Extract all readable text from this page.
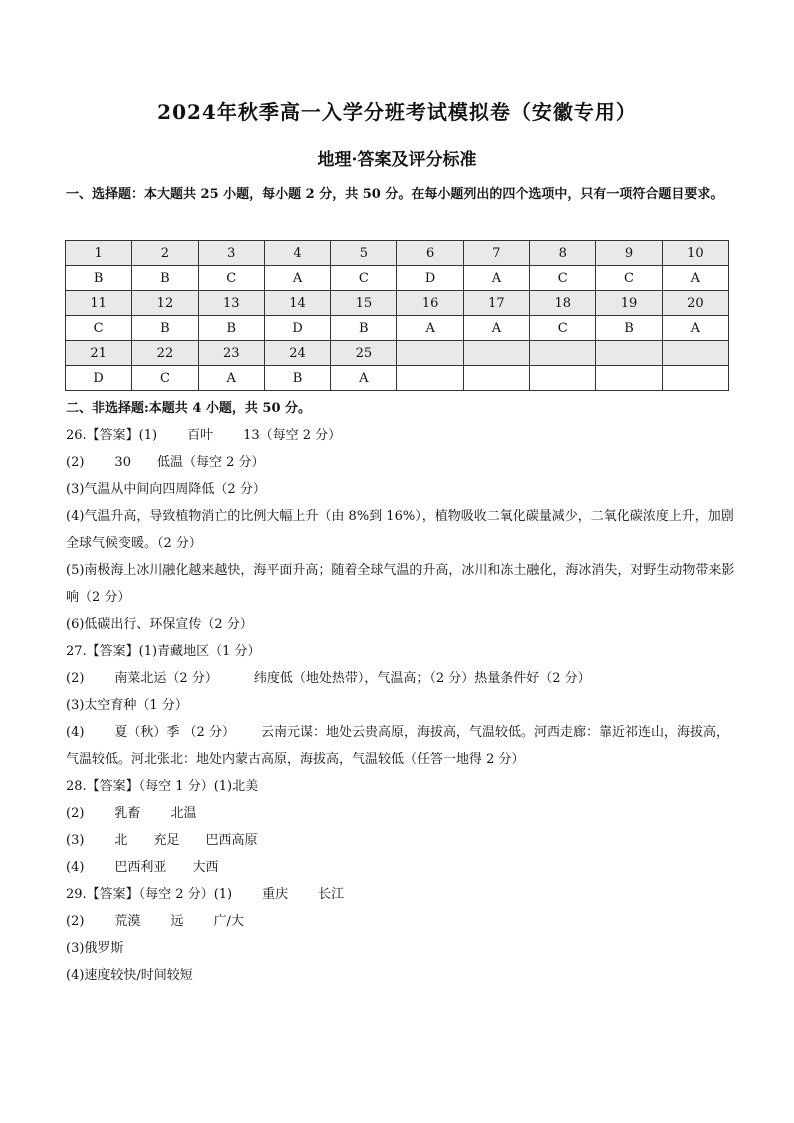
2024年秋季高一入学分班考试模拟卷（安徽专用）
地理·答案及评分标准
一、选择题：本大题共 25 小题，每小题 2 分，共 50 分。在每小题列出的四个选项中，只有一项符合题目要求。
1	2	3	4	5	6	7	8	9	10
B	B	C	A	C	D	A	C	C	A
11	12	13	14	15	16	17	18	19	20
C	B	B	D	B	A	A	C	B	A
21	22	23	24	25					
D	C	A	B	A					
二、非选择题:本题共 4 小题，共 50 分。
26.【答案】(1) 百叶 13（每空 2 分）
(2) 30 低温（每空 2 分）
(3)气温从中间向四周降低（2 分）
(4)气温升高，导致植物消亡的比例大幅上升（由 8%到 16%），植物吸收二氧化碳量减少，二氧化碳浓度上升，加剧全球气候变暖。（2 分）
(5)南极海上冰川融化越来越快，海平面升高；随着全球气温的升高，冰川和冻土融化，海冰消失，对野生动物带来影响（2 分）
(6)低碳出行、环保宣传（2 分）
27.【答案】(1)青藏地区（1 分）
(2) 南菜北运（2 分）	纬度低（地处热带），气温高；（2 分）热量条件好（2 分）
(3)太空育种（1 分）
(4) 夏（秋）季 （2 分） 云南元谋：地处云贵高原，海拔高，气温较低。河西走廊：靠近祁连山，海拔高，气温较低。河北张北：地处内蒙古高原，海拔高，气温较低（任答一地得 2 分）
28.【答案】（每空 1 分）(1)北美
(2) 乳畜 北温
(3) 北 充足 巴西高原
(4) 巴西利亚 大西
29.【答案】（每空 2 分）(1) 重庆 长江
(2) 荒漠 远 广/大
(3)俄罗斯
(4)速度较快/时间较短
